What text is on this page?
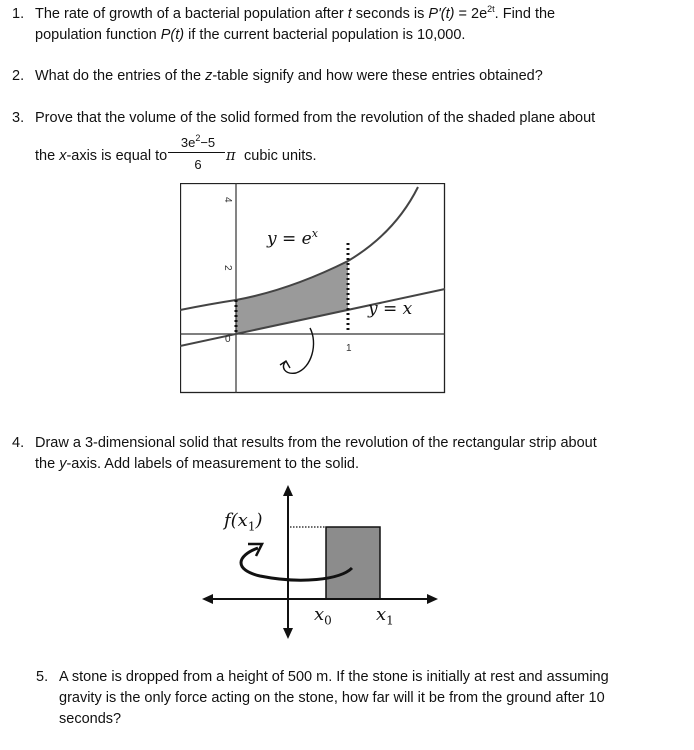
1. The rate of growth of a bacterial population after t seconds is $P'(t) = 2e^{2t}$. Find the
population function P(t) if the current bacterial population is 10,000.
2. What do the entries of the z-table signify and how were these entries obtained?
3. Prove that the volume of the solid formed from the revolution of the shaded plane about
the x-axis is equal to
$3e^2-5$
6
π cubic units.
4
2
0
1
$y = e^x$
y = x
4. Draw a 3-dimensional solid that results from the revolution of the rectangular strip about
the y-axis. Add labels of measurement to the solid.
$f(x_1)$
$x_0$ $x_1$
5. A stone is dropped from a height of 500 m. If the stone is initially at rest and assuming
gravity is the only force acting on the stone, how far will it be from the ground after 10
seconds?
